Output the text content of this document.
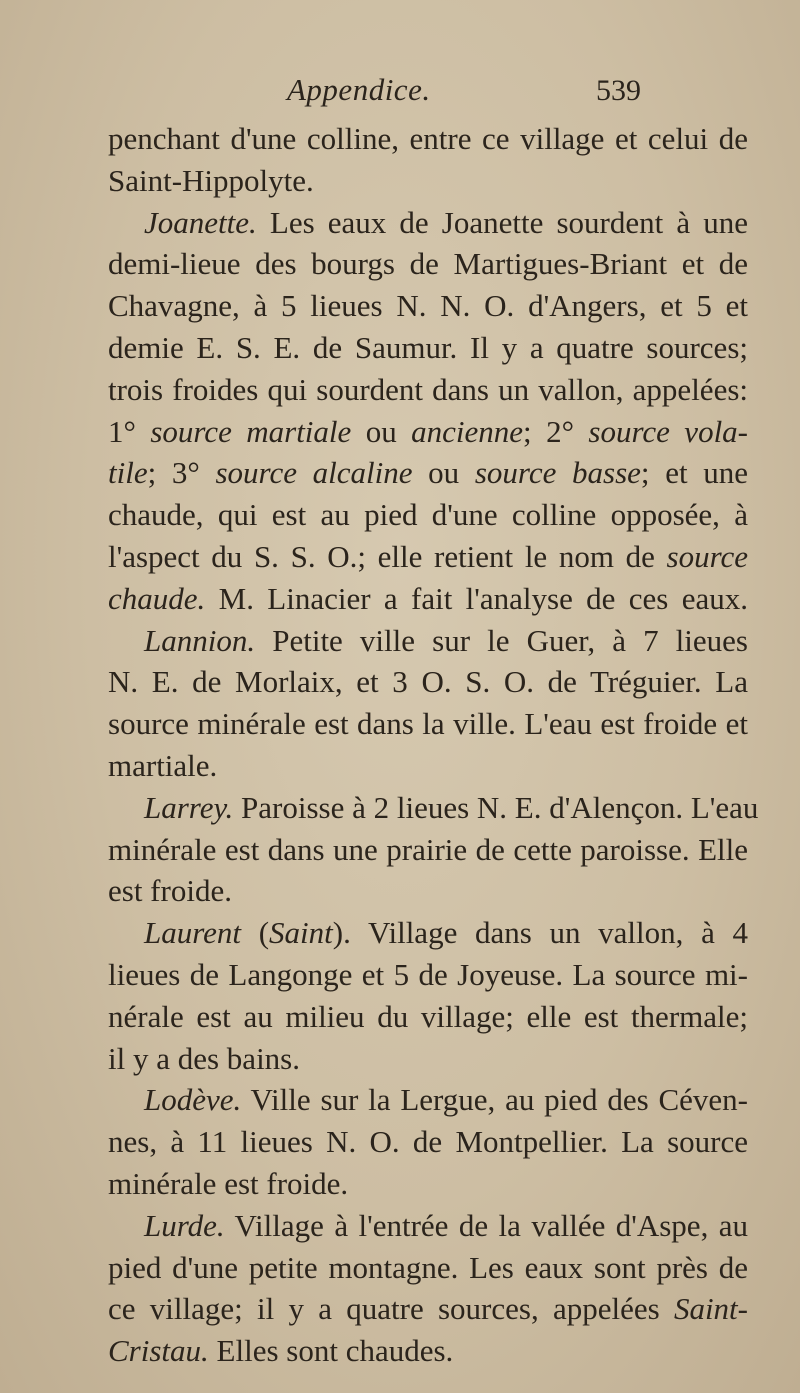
Appendice.	539
penchant d'une colline, entre ce village et celui de
Saint-Hippolyte.
Joanette. Les eaux de Joanette sourdent à une
demi-lieue des bourgs de Martigues-Briant et de
Chavagne, à 5 lieues N. N. O. d'Angers, et 5 et
demie E. S. E. de Saumur. Il y a quatre sources;
trois froides qui sourdent dans un vallon, appelées:
1° source martiale ou ancienne; 2° source vola-
tile; 3° source alcaline ou source basse; et une
chaude, qui est au pied d'une colline opposée, à
l'aspect du S. S. O.; elle retient le nom de source
chaude. M. Linacier a fait l'analyse de ces eaux.
Lannion. Petite ville sur le Guer, à 7 lieues
N. E. de Morlaix, et 3 O. S. O. de Tréguier. La
source minérale est dans la ville. L'eau est froide et
martiale.
Larrey. Paroisse à 2 lieues N. E. d'Alençon. L'eau
minérale est dans une prairie de cette paroisse. Elle
est froide.
Laurent (Saint). Village dans un vallon, à 4
lieues de Langonge et 5 de Joyeuse. La source mi-
nérale est au milieu du village; elle est thermale;
il y a des bains.
Lodève. Ville sur la Lergue, au pied des Céven-
nes, à 11 lieues N. O. de Montpellier. La source
minérale est froide.
Lurde. Village à l'entrée de la vallée d'Aspe, au
pied d'une petite montagne. Les eaux sont près de
ce village; il y a quatre sources, appelées Saint-
Cristau. Elles sont chaudes.
